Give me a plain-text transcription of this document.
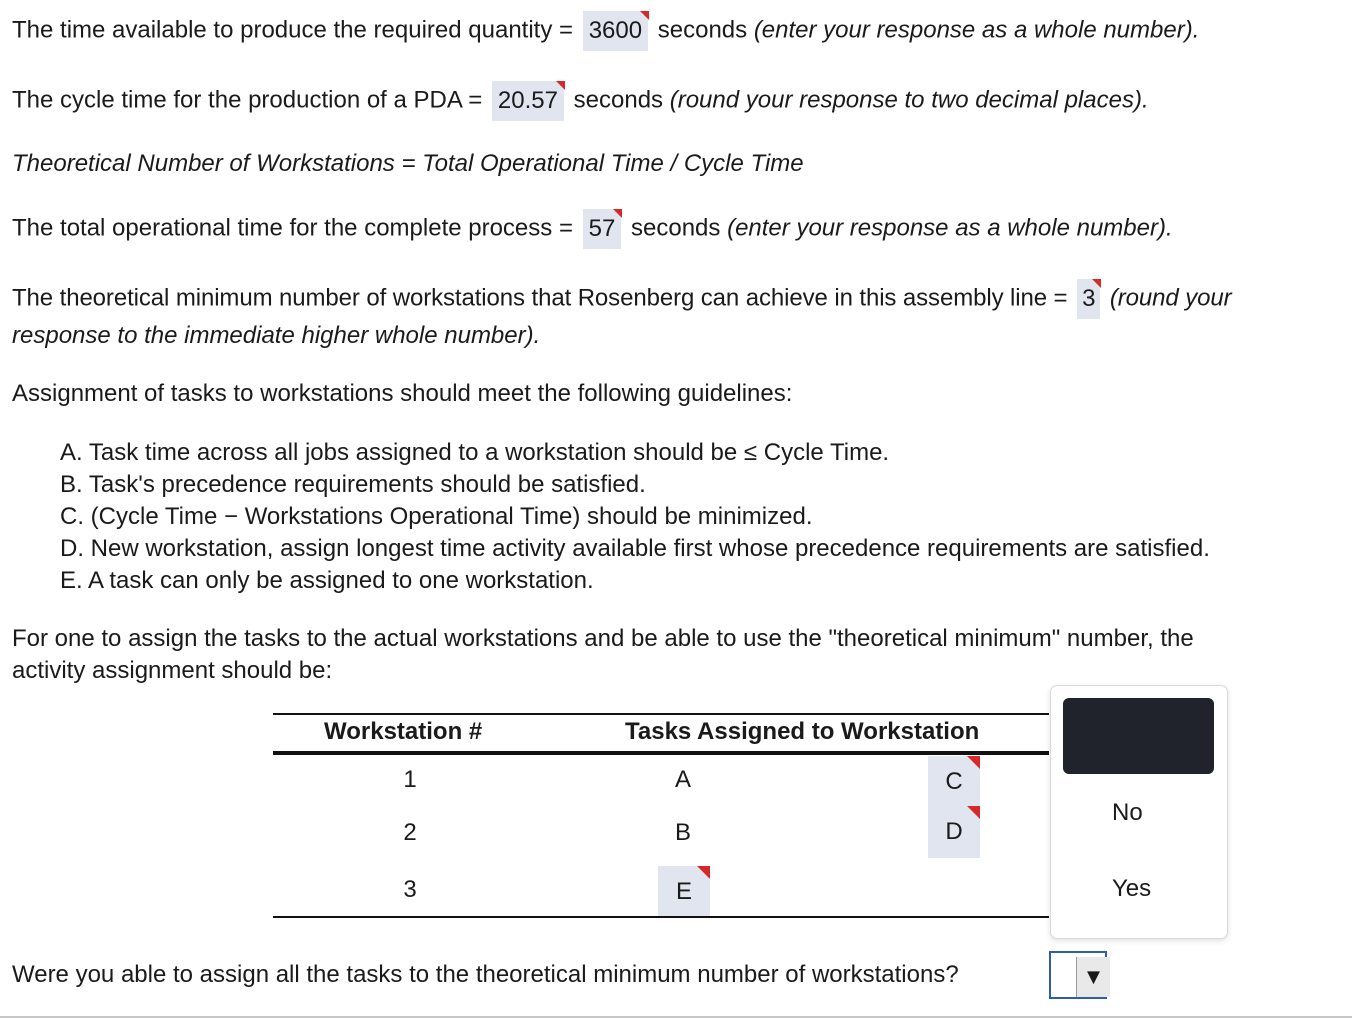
The time available to produce the required quantity = 3600 seconds (enter your response as a whole number).
The cycle time for the production of a PDA = 20.57 seconds (round your response to two decimal places).
Theoretical Number of Workstations = Total Operational Time / Cycle Time
The total operational time for the complete process = 57 seconds (enter your response as a whole number).
The theoretical minimum number of workstations that Rosenberg can achieve in this assembly line = 3 (round your
response to the immediate higher whole number).
Assignment of tasks to workstations should meet the following guidelines:
A. Task time across all jobs assigned to a workstation should be ≤ Cycle Time.
B. Task's precedence requirements should be satisfied.
C. (Cycle Time − Workstations Operational Time) should be minimized.
D. New workstation, assign longest time activity available first whose precedence requirements are satisfied.
E. A task can only be assigned to one workstation.
For one to assign the tasks to the actual workstations and be able to use the "theoretical minimum" number, the
activity assignment should be:
Workstation #	Tasks Assigned to Workstation
1	A	C
2	B	D
3	E
No
Yes
Were you able to assign all the tasks to the theoretical minimum number of workstations?	▼
